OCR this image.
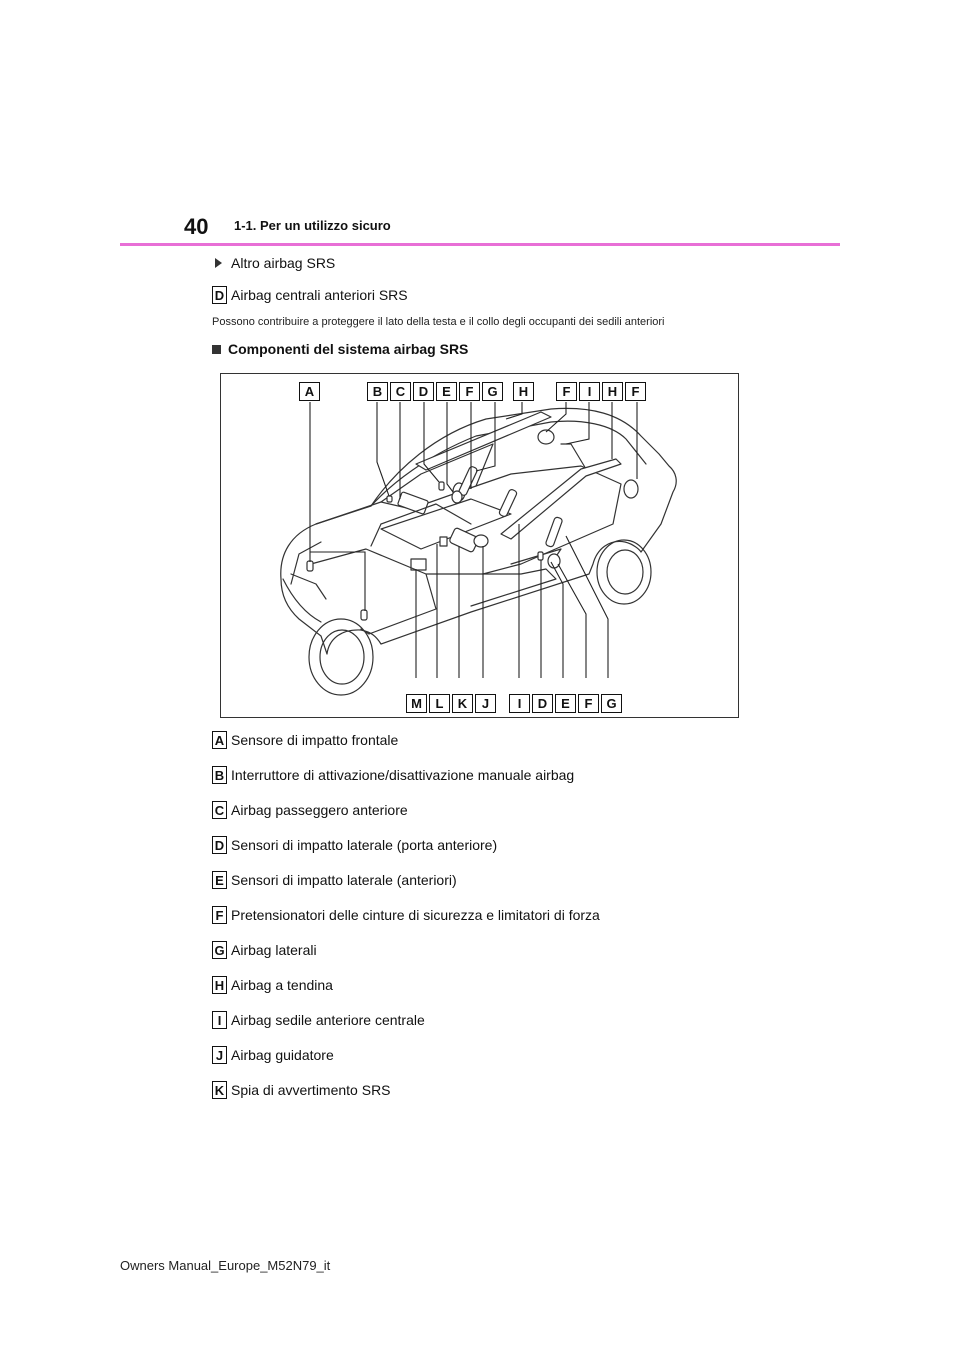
40 1-1. Per un utilizzo sicuro
Altro airbag SRS
D Airbag centrali anteriori SRS
Possono contribuire a proteggere il lato della testa e il collo degli occupanti dei sedili anteriori
Componenti del sistema airbag SRS
A	B	C	D	E	F	G	H	F	I	H	F
M	L	K	J	I	D	E	F	G
A Sensore di impatto frontale
B Interruttore di attivazione/disattivazione manuale airbag
C Airbag passeggero anteriore
D Sensori di impatto laterale (porta anteriore)
E Sensori di impatto laterale (anteriori)
F Pretensionatori delle cinture di sicurezza e limitatori di forza
G Airbag laterali
H Airbag a tendina
I Airbag sedile anteriore centrale
J Airbag guidatore
K Spia di avvertimento SRS
Owners Manual_Europe_M52N79_it
